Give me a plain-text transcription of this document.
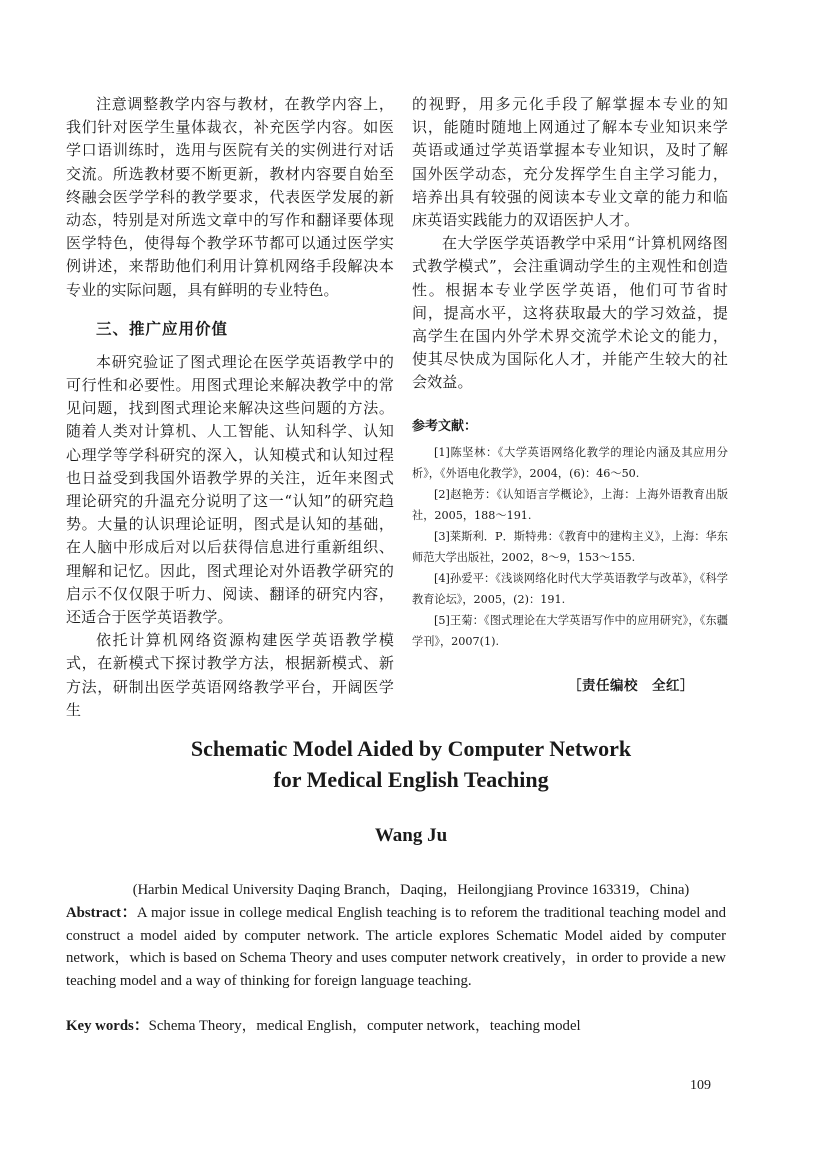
注意调整教学内容与教材，在教学内容上，我们针对医学生量体裁衣，补充医学内容。如医学口语训练时，选用与医院有关的实例进行对话交流。所选教材要不断更新，教材内容要自始至终融会医学学科的教学要求，代表医学发展的新动态，特别是对所选文章中的写作和翻译要体现医学特色，使得每个教学环节都可以通过医学实例讲述，来帮助他们利用计算机网络手段解决本专业的实际问题，具有鲜明的专业特色。

三、推广应用价值

本研究验证了图式理论在医学英语教学中的可行性和必要性。用图式理论来解决教学中的常见问题，找到图式理论来解决这些问题的方法。随着人类对计算机、人工智能、认知科学、认知心理学等学科研究的深入，认知模式和认知过程也日益受到我国外语教学界的关注，近年来图式理论研究的升温充分说明了这一“认知”的研究趋势。大量的认识理论证明，图式是认知的基础，在人脑中形成后对以后获得信息进行重新组织、理解和记忆。因此，图式理论对外语教学研究的启示不仅仅限于听力、阅读、翻译的研究内容，还适合于医学英语教学。

依托计算机网络资源构建医学英语教学模式，在新模式下探讨教学方法，根据新模式、新方法，研制出医学英语网络教学平台，开阔医学生

的视野，用多元化手段了解掌握本专业的知识，能随时随地上网通过了解本专业知识来学英语或通过学英语掌握本专业知识，及时了解国外医学动态，充分发挥学生自主学习能力，培养出具有较强的阅读本专业文章的能力和临床英语实践能力的双语医护人才。

在大学医学英语教学中采用“计算机网络图式教学模式”，会注重调动学生的主观性和创造性。根据本专业学医学英语，他们可节省时间，提高水平，这将获取最大的学习效益，提高学生在国内外学术界交流学术论文的能力，使其尽快成为国际化人才，并能产生较大的社会效益。

参考文献：

[1]陈坚林：《大学英语网络化教学的理论内涵及其应用分析》，《外语电化教学》，2004，(6)：46～50.

[2]赵艳芳：《认知语言学概论》，上海：上海外语教育出版社，2005，188～191.

[3]莱斯利．P．斯特弗：《教育中的建构主义》，上海：华东师范大学出版社，2002，8～9，153～155.

[4]孙爱平：《浅谈网络化时代大学英语教学与改革》，《科学教育论坛》，2005，(2)：191.

[5]王菊：《图式理论在大学英语写作中的应用研究》，《东疆学刊》，2007(1).

［责任编校　全红］
Schematic Model Aided by Computer Network
for Medical English Teaching
Wang Ju
(Harbin Medical University Daqing Branch，Daqing，Heilongjiang Province 163319，China)

Abstract：A major issue in college medical English teaching is to reforem the traditional teaching model and construct a model aided by computer network. The article explores Schematic Model aided by computer network，which is based on Schema Theory and uses computer network creatively，in order to provide a new teaching model and a way of thinking for foreign language teaching.

Key words：Schema Theory，medical English，computer network，teaching model

109
